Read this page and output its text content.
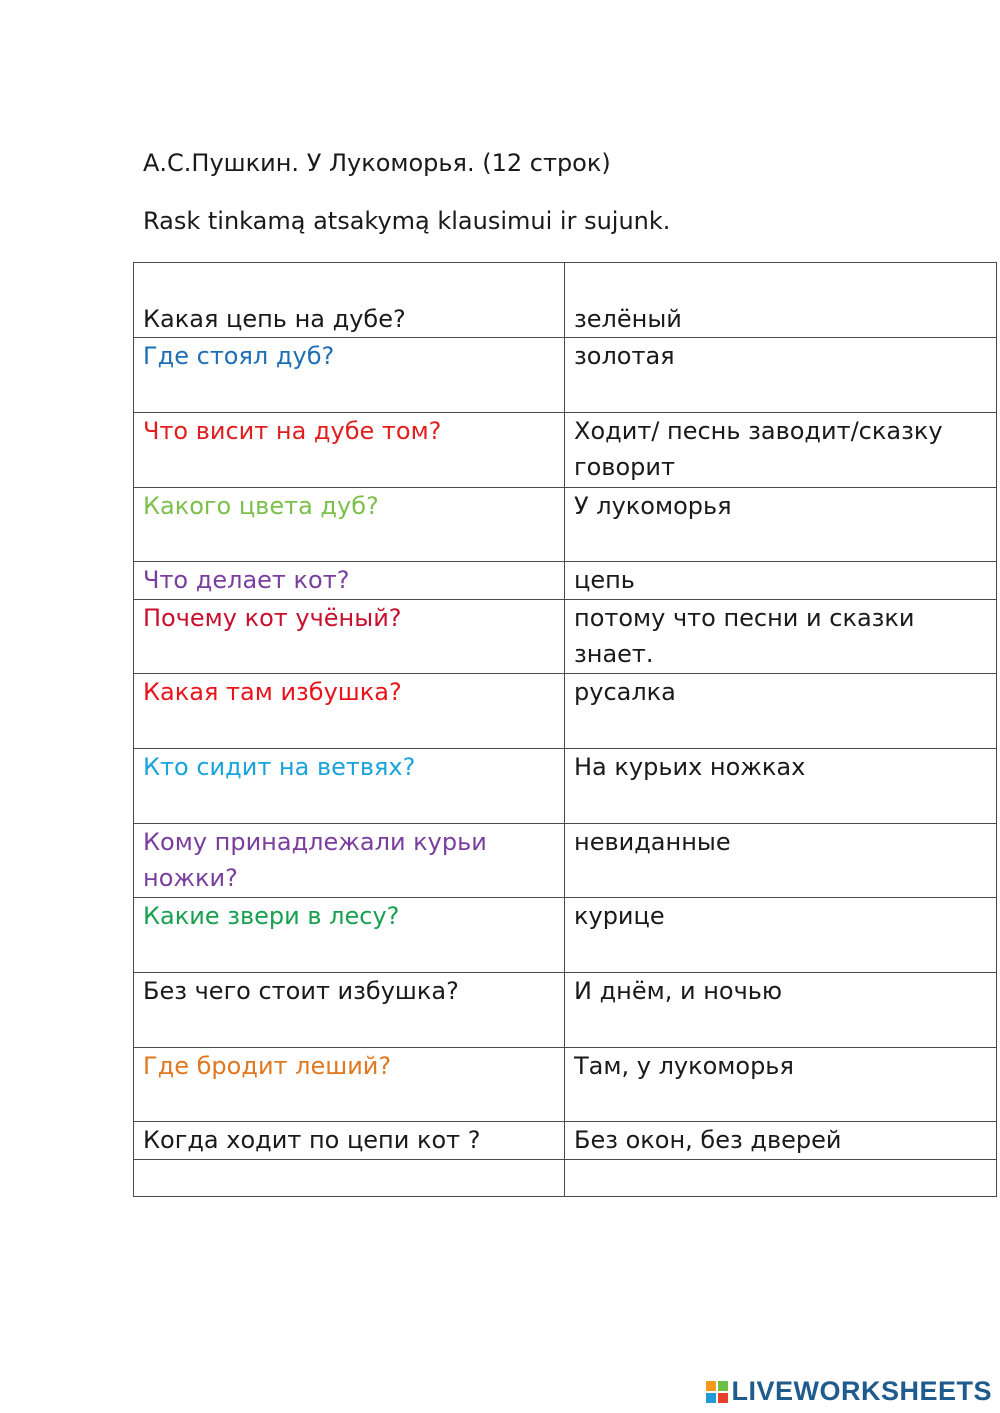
А.С.Пушкин. У Лукоморья. (12 строк)
Rask tinkamą atsakymą klausimui ir sujunk.
Какая цепь на дубе?	зелёный
Где стоял дуб?	золотая
Что висит на дубе том?	Ходит/ песнь заводит/сказку говорит
Какого цвета дуб?	У лукоморья
Что делает кот?	цепь
Почему кот учёный?	потому что песни и сказки знает.
Какая там избушка?	русалка
Кто сидит на ветвях?	На курьих ножках
Кому принадлежали курьи ножки?	невиданные
Какие звери в лесу?	курице
Без чего стоит избушка?	И днём, и ночью
Где бродит леший?	Там, у лукоморья
Когда ходит по цепи кот ?	Без окон, без дверей

LIVEWORKSHEETS
